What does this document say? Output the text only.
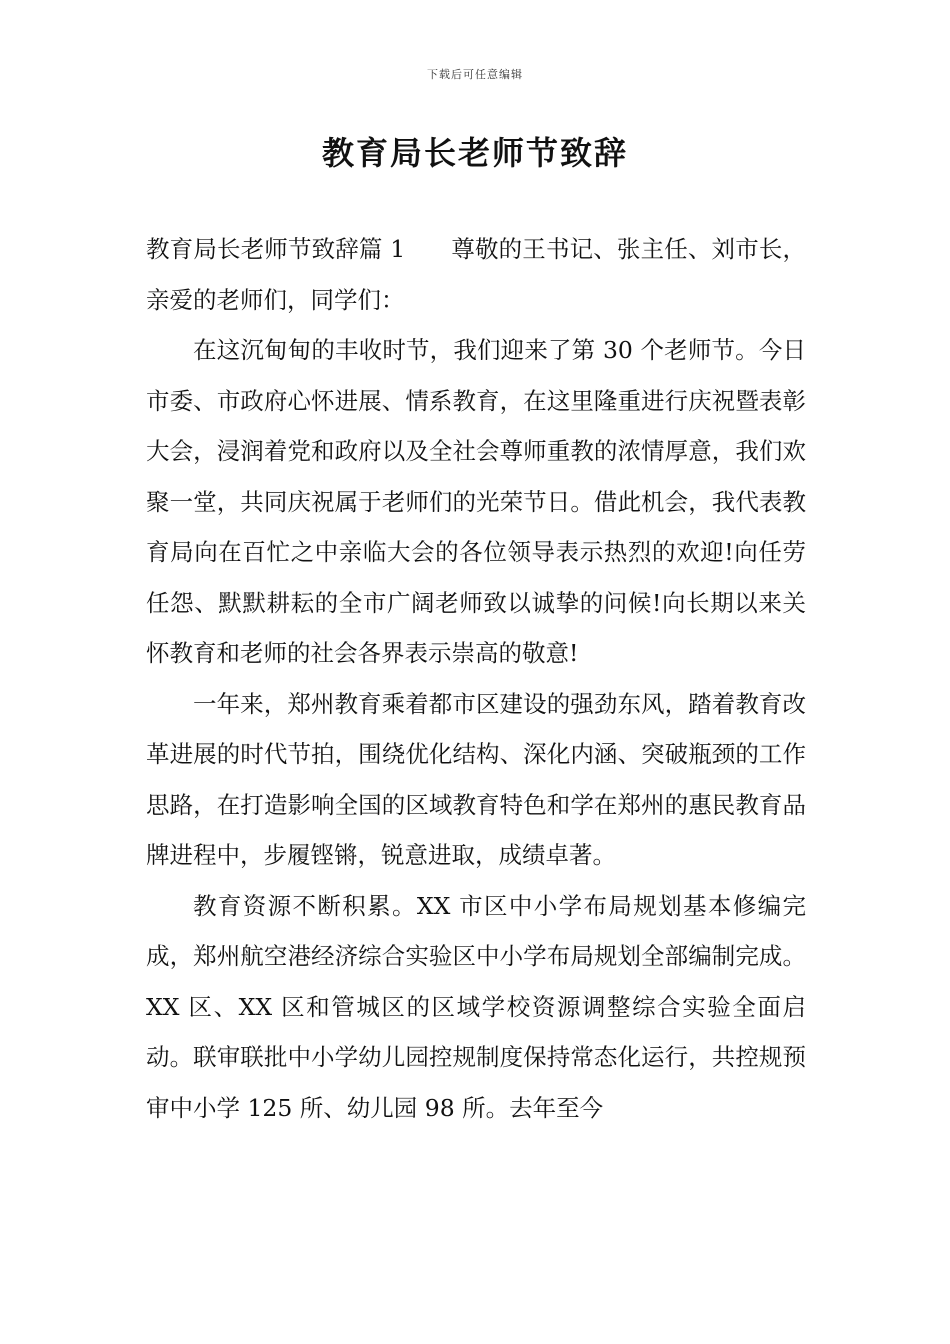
下载后可任意编辑
教育局长老师节致辞

教育局长老师节致辞篇 1 尊敬的王书记、张主任、刘市长，亲爱的老师们，同学们：

在这沉甸甸的丰收时节，我们迎来了第 30 个老师节。今日市委、市政府心怀进展、情系教育，在这里隆重进行庆祝暨表彰大会，浸润着党和政府以及全社会尊师重教的浓情厚意，我们欢聚一堂，共同庆祝属于老师们的光荣节日。借此机会，我代表教育局向在百忙之中亲临大会的各位领导表示热烈的欢迎!向任劳任怨、默默耕耘的全市广阔老师致以诚挚的问候!向长期以来关怀教育和老师的社会各界表示崇高的敬意!

一年来，郑州教育乘着都市区建设的强劲东风，踏着教育改革进展的时代节拍，围绕优化结构、深化内涵、突破瓶颈的工作思路，在打造影响全国的区域教育特色和学在郑州的惠民教育品牌进程中，步履铿锵，锐意进取，成绩卓著。

教育资源不断积累。XX 市区中小学布局规划基本修编完成，郑州航空港经济综合实验区中小学布局规划全部编制完成。XX 区、XX 区和管城区的区域学校资源调整综合实验全面启动。联审联批中小学幼儿园控规制度保持常态化运行，共控规预审中小学 125 所、幼儿园 98 所。去年至今
